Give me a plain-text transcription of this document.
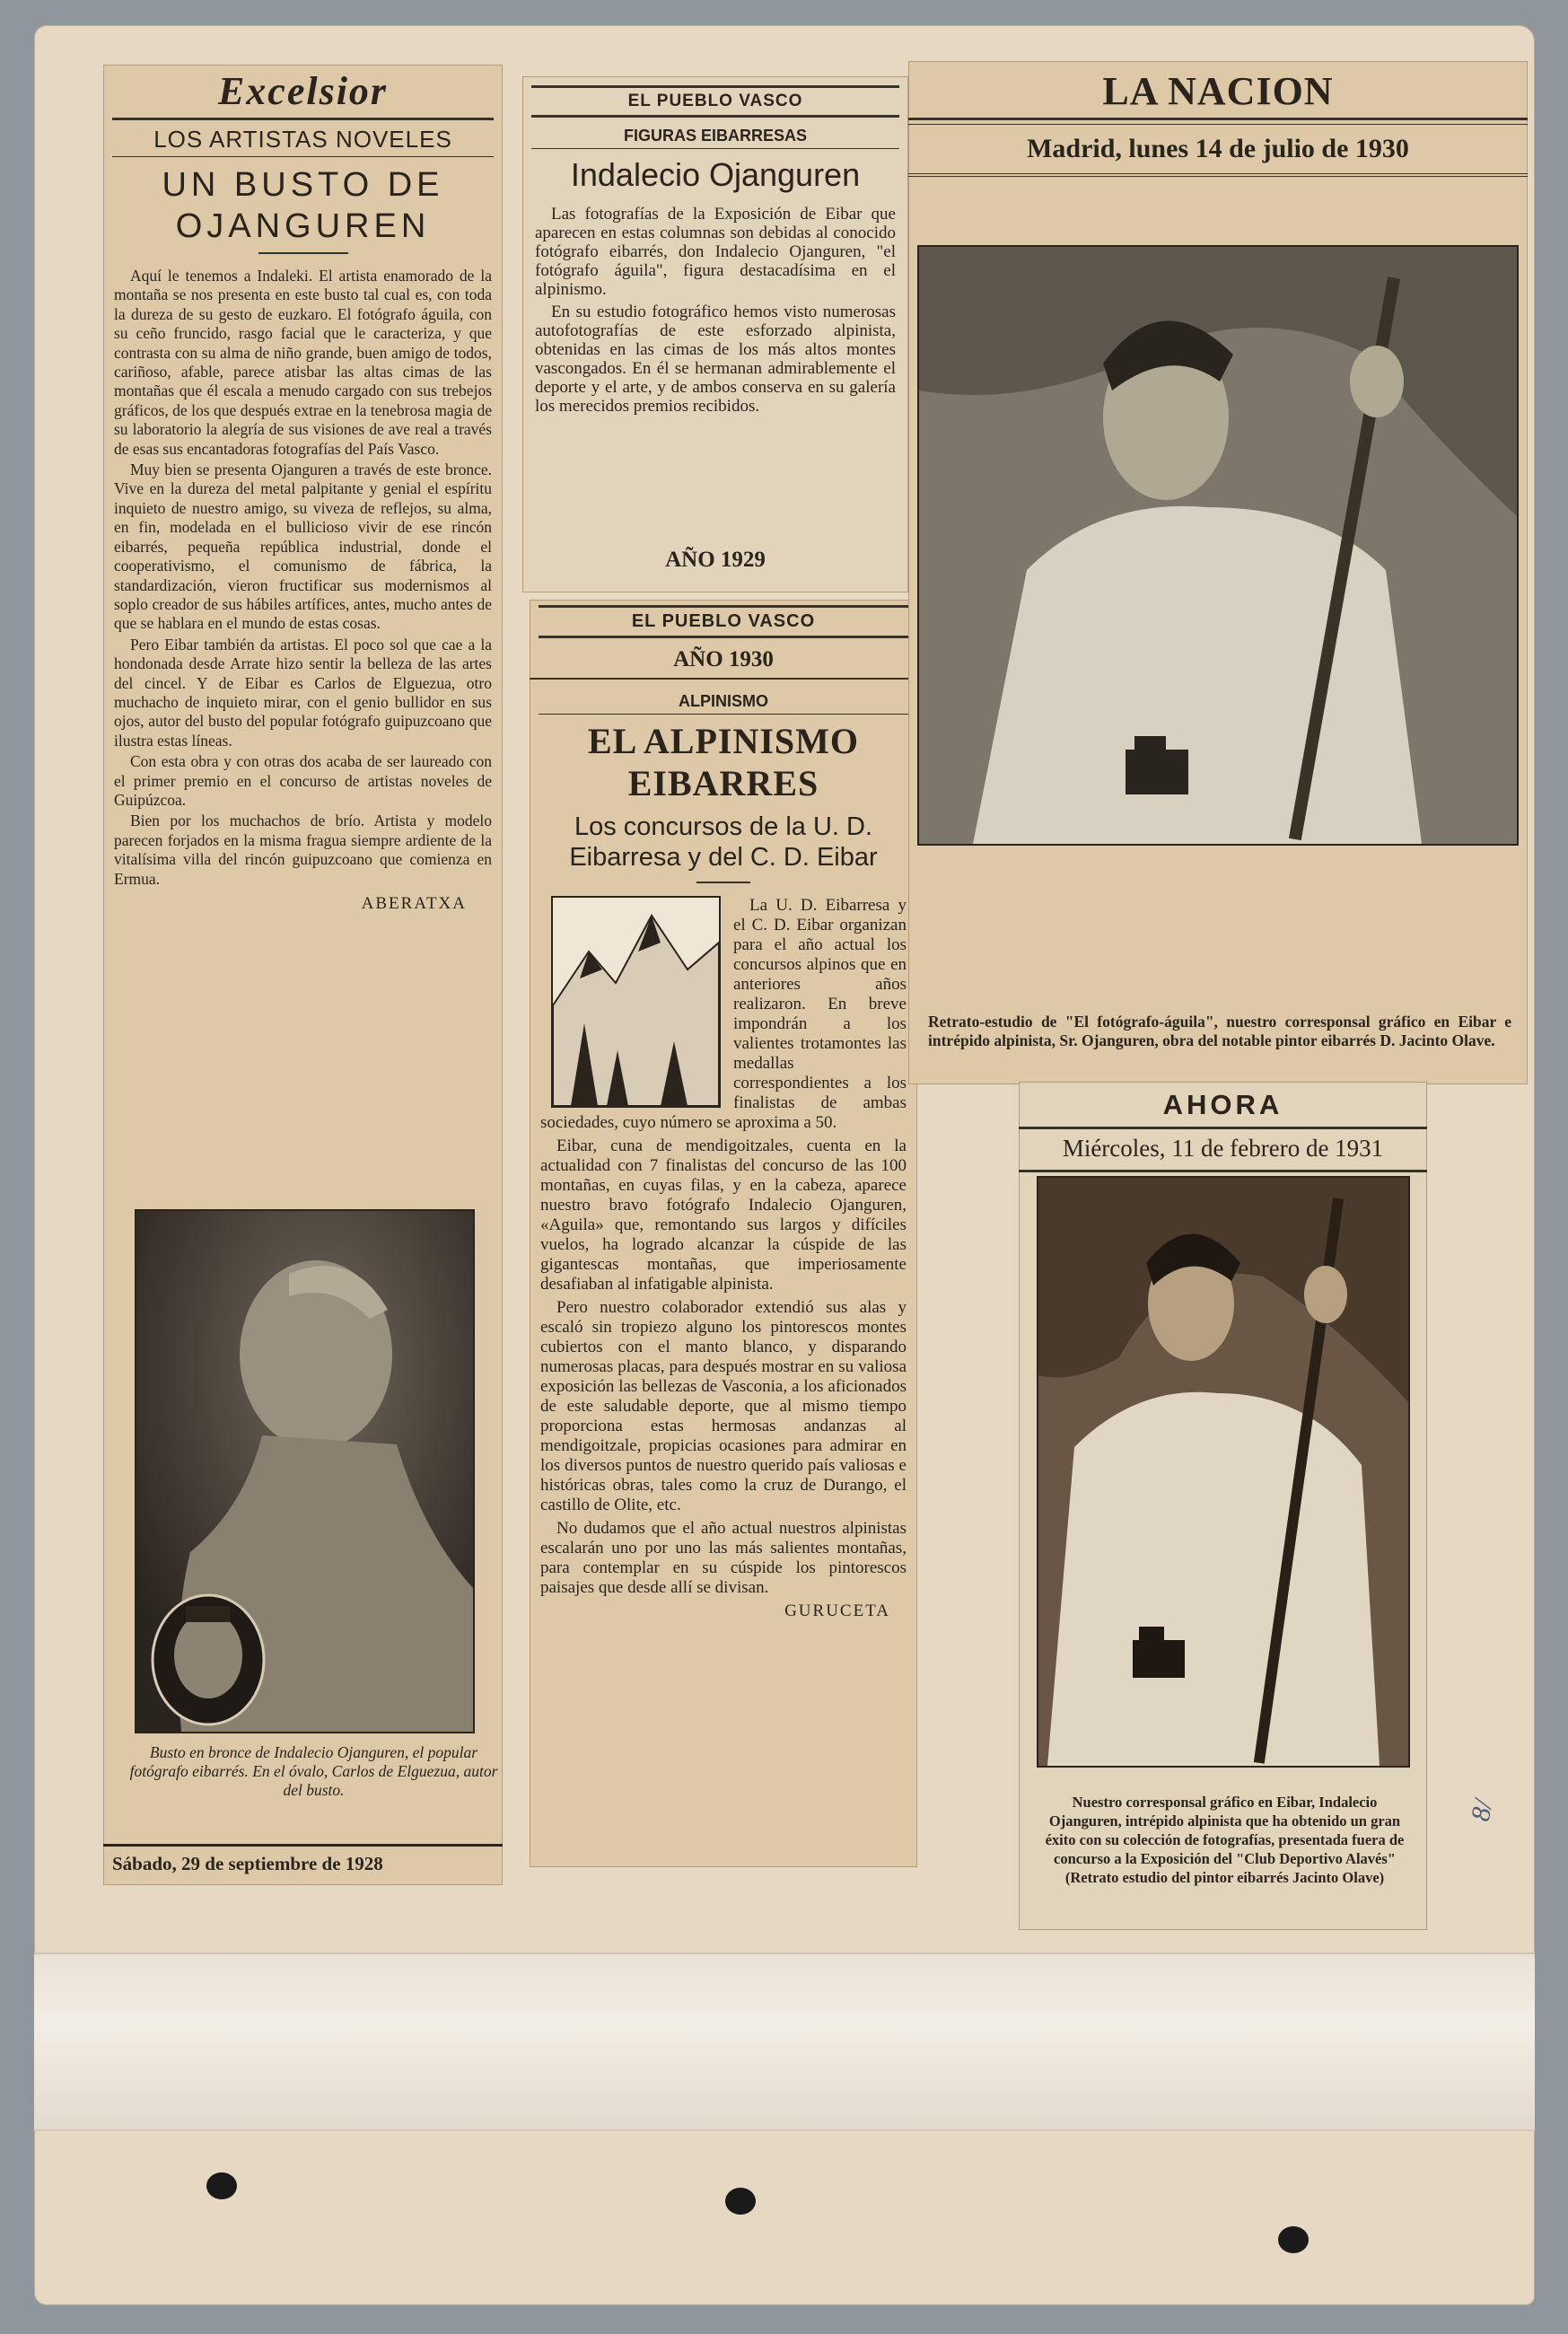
8/
Excelsior
LOS ARTISTAS NOVELES
UN BUSTO DE
OJANGUREN

Aquí le tenemos a Indaleki. El artista enamorado de la montaña se nos presenta en este busto tal cual es, con toda la dureza de su gesto de euzkaro. El fotógrafo águila, con su ceño fruncido, rasgo facial que le caracteriza, y que contrasta con su alma de niño grande, buen amigo de todos, cariñoso, afable, parece atisbar las altas cimas de las montañas que él escala a menudo cargado con sus trebejos gráficos, de los que después extrae en la tenebrosa magia de su laboratorio la alegría de sus visiones de ave real a través de esas sus encantadoras fotografías del País Vasco.

Muy bien se presenta Ojanguren a través de este bronce. Vive en la dureza del metal palpitante y genial el espíritu inquieto de nuestro amigo, su viveza de reflejos, su alma, en fin, modelada en el bullicioso vivir de ese rincón eibarrés, pequeña república industrial, donde el cooperativismo, el comunismo de fábrica, la standardización, vieron fructificar sus modernismos al soplo creador de sus hábiles artífices, antes, mucho antes de que se hablara en el mundo de estas cosas.

Pero Eibar también da artistas. El poco sol que cae a la hondonada desde Arrate hizo sentir la belleza de las artes del cincel. Y de Eibar es Carlos de Elguezua, otro muchacho de inquieto mirar, con el genio bullidor en sus ojos, autor del busto del popular fotógrafo guipuzcoano que ilustra estas líneas.

Con esta obra y con otras dos acaba de ser laureado con el primer premio en el concurso de artistas noveles de Guipúzcoa.

Bien por los muchachos de brío. Artista y modelo parecen forjados en la misma fragua siempre ardiente de la vitalísima villa del rincón guipuzcoano que comienza en Ermua.

ABERATXA
Busto en bronce de Indalecio Ojanguren, el popular fotógrafo eibarrés. En el óvalo, Carlos de Elguezua, autor del busto.
Sábado, 29 de septiembre de 1928
EL PUEBLO VASCO
FIGURAS EIBARRESAS
Indalecio Ojanguren

Las fotografías de la Exposición de Eibar que aparecen en estas columnas son debidas al conocido fotógrafo eibarrés, don Indalecio Ojanguren, "el fotógrafo águila", figura destacadísima en el alpinismo.

En su estudio fotográfico hemos visto numerosas autofotografías de este esforzado alpinista, obtenidas en las cimas de los más altos montes vascongados. En él se hermanan admirablemente el deporte y el arte, y de ambos conserva en su galería los merecidos premios recibidos.

AÑO 1929
EL PUEBLO VASCO
AÑO 1930
ALPINISMO
EL ALPINISMO EIBARRES
Los concursos de la U. D. Eibarresa y del C. D. Eibar

La U. D. Eibarresa y el C. D. Eibar organizan para el año actual los concursos alpinos que en anteriores años realizaron. En breve impondrán a los valientes trotamontes las medallas correspondientes a los finalistas de ambas sociedades, cuyo número se aproxima a 50.

Eibar, cuna de mendigoitzales, cuenta en la actualidad con 7 finalistas del concurso de las 100 montañas, en cuyas filas, y en la cabeza, aparece nuestro bravo fotógrafo Indalecio Ojanguren, «Aguila» que, remontando sus largos y difíciles vuelos, ha logrado alcanzar la cúspide de las gigantescas montañas, que imperiosamente desafiaban al infatigable alpinista.

Pero nuestro colaborador extendió sus alas y escaló sin tropiezo alguno los pintorescos montes cubiertos con el manto blanco, y disparando numerosas placas, para después mostrar en su valiosa exposición las bellezas de Vasconia, a los aficionados de este saludable deporte, que al mismo tiempo proporciona estas hermosas andanzas al mendigoitzale, propicias ocasiones para admirar en los diversos puntos de nuestro querido país valiosas e históricas obras, tales como la cruz de Durango, el castillo de Olite, etc.

No dudamos que el año actual nuestros alpinistas escalarán uno por uno las más salientes montañas, para contemplar en su cúspide los pintorescos paisajes que desde allí se divisan.

GURUCETA
LA NACION
Madrid, lunes 14 de julio de 1930
Retrato-estudio de "El fotógrafo-águila", nuestro corresponsal gráfico en Eibar e intrépido alpinista, Sr. Ojanguren, obra del notable pintor eibarrés D. Jacinto Olave.
AHORA
Miércoles, 11 de febrero de 1931
Nuestro corresponsal gráfico en Eibar, Indalecio Ojanguren, intrépido alpinista que ha obtenido un gran éxito con su colección de fotografías, presentada fuera de concurso a la Exposición del "Club Deportivo Alavés" (Retrato estudio del pintor eibarrés Jacinto Olave)
